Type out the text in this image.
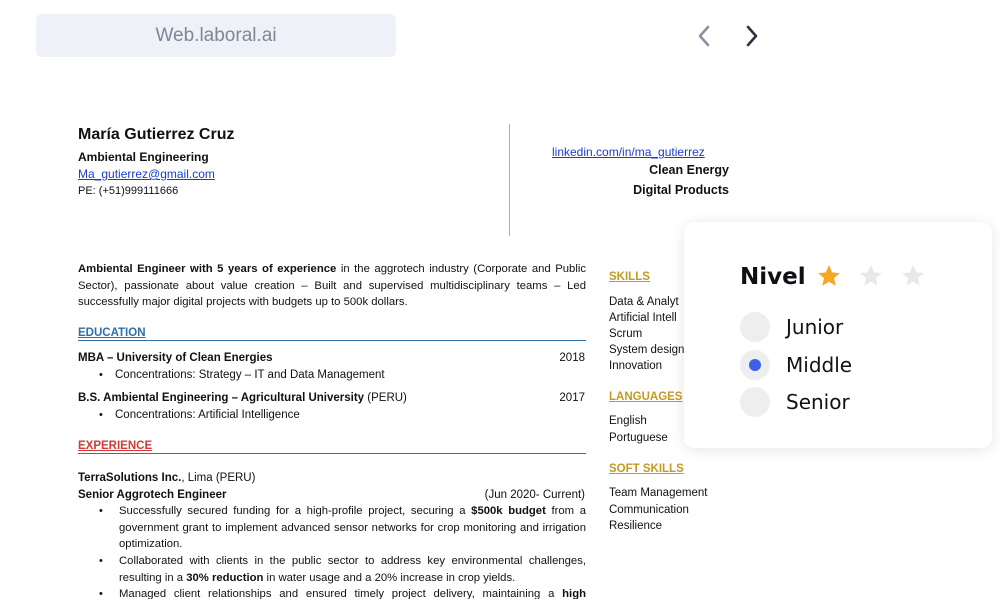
Web.laboral.ai
María Gutierrez Cruz
Ambiental Engineering
Ma_gutierrez@gmail.com
PE: (+51)999111666
linkedin.com/in/ma_gutierrez
Clean Energy
Digital Products
Ambiental Engineer with 5 years of experience in the aggrotech industry (Corporate and Public Sector), passionate about value creation – Built and supervised multidisciplinary teams – Led successfully major digital projects with budgets up to 500k dollars.
EDUCATION
MBA – University of Clean Energies	2018
• Concentrations: Strategy – IT and Data Management
B.S. Ambiental Engineering – Agricultural University (PERU)	2017
• Concentrations: Artificial Intelligence
EXPERIENCE
TerraSolutions Inc., Lima (PERU)
Senior Aggrotech Engineer	(Jun 2020- Current)
• Successfully secured funding for a high-profile project, securing a $500k budget from a government grant to implement advanced sensor networks for crop monitoring and irrigation optimization.
• Collaborated with clients in the public sector to address key environmental challenges, resulting in a 30% reduction in water usage and a 20% increase in crop yields.
• Managed client relationships and ensured timely project delivery, maintaining a high
SKILLS
Data & Analyt
Artificial Intell
Scrum
System design
Innovation
LANGUAGES
English
Portuguese
SOFT SKILLS
Team Management
Communication
Resilience
Nivel
Junior
Middle
Senior
